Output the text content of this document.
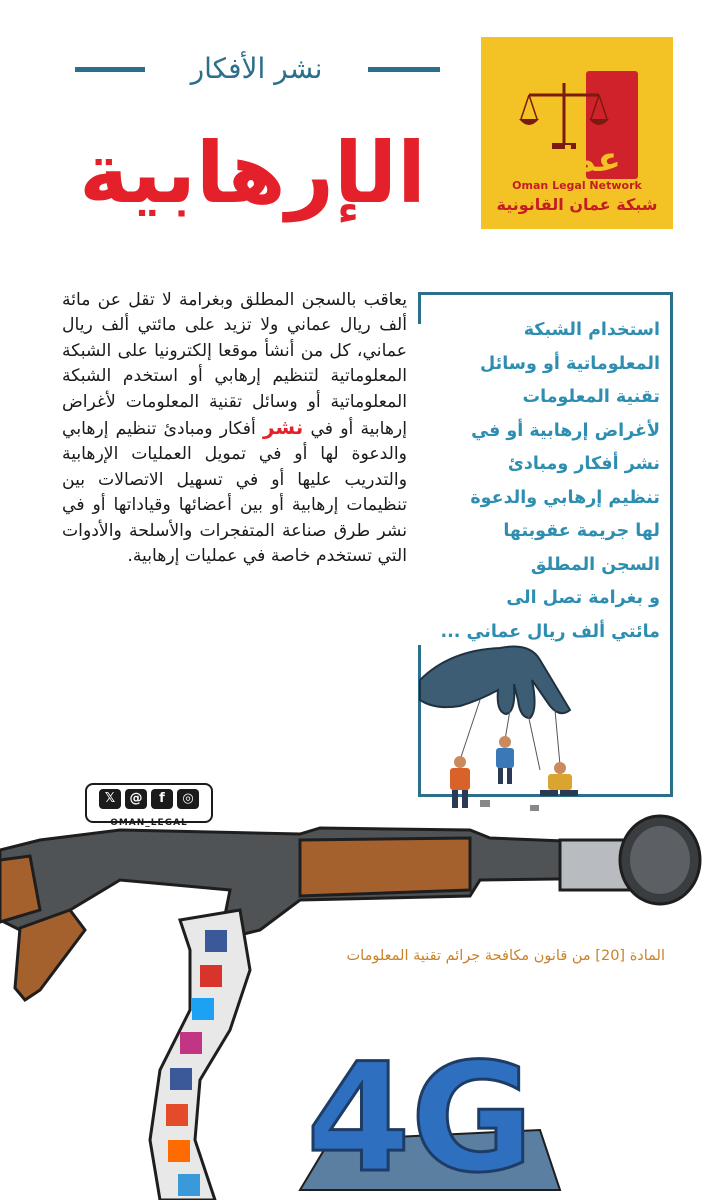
نشر الأفكار
الإرهابية	عمان
Oman Legal Network
شبكة عمان القانونية
يعاقب بالسجن المطلق وبغرامة لا تقل عن مائة ألف ريال عماني ولا تزيد على مائتي ألف ريال عماني، كل من أنشأ موقعا إلكترونيا على الشبكة المعلوماتية لتنظيم إرهابي أو استخدم الشبكة المعلوماتية أو وسائل تقنية المعلومات لأغراض إرهابية أو في نشر أفكار ومبادئ تنظيم إرهابي والدعوة لها أو في تمويل العمليات الإرهابية والتدريب عليها أو في تسهيل الاتصالات بين تنظيمات إرهابية أو بين أعضائها وقياداتها أو في نشر طرق صناعة المتفجرات والأسلحة والأدوات التي تستخدم خاصة في عمليات إرهابية.
استخدام الشبكة
المعلوماتية أو وسائل
تقنية المعلومات
لأغراض إرهابية أو في
نشر أفكار ومبادئ
تنظيم إرهابي والدعوة
لها جريمة عقوبتها
السجن المطلق
و بغرامة تصل الى
مائتي ألف ريال عماني ...
𝕏	@	f	◎
OMAN_LEGAL
4G
المادة [20] من قانون مكافحة جرائم تقنية المعلومات
